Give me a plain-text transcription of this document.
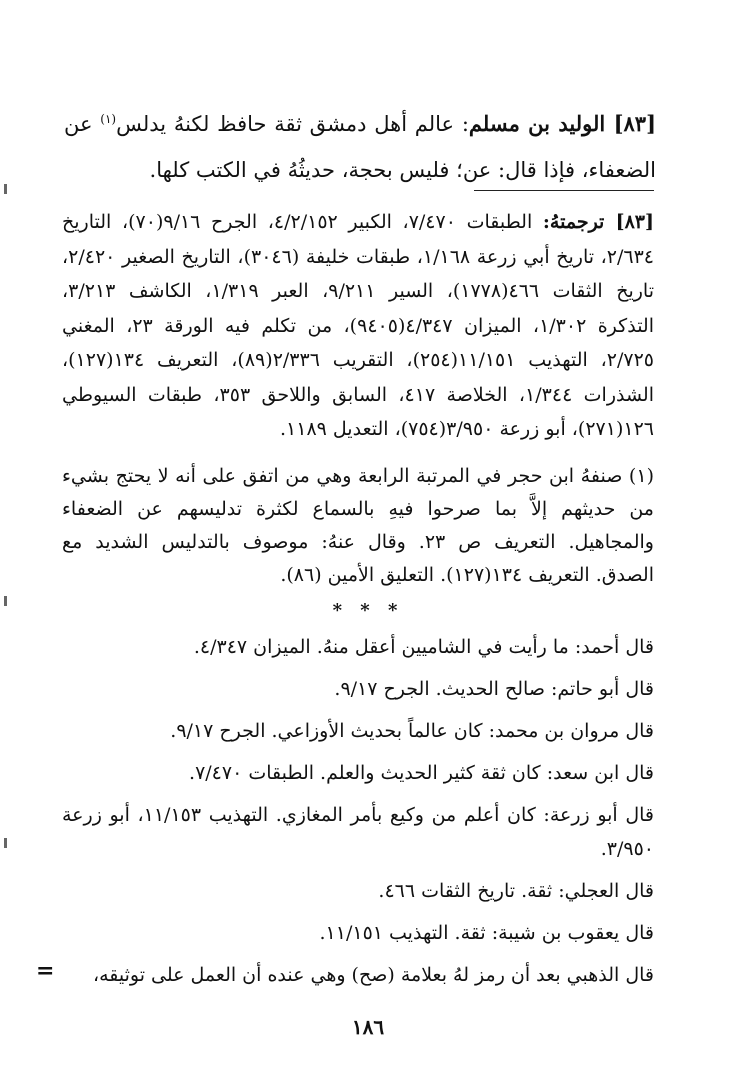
[٨٣] الوليد بن مسلم: عالم أهل دمشق ثقة حافظ لكنهُ يدلس$^{(١)}$ عن الضعفاء، فإذا قال: عن؛ فليس بحجة، حديثُهُ في الكتب كلها.
[٨٣] ترجمتهُ: الطبقات ٧/٤٧٠، الكبير ٤/٢/١٥٢، الجرح ٩/١٦(٧٠)، التاريخ ٢/٦٣٤، تاريخ أبي زرعة ١/١٦٨، طبقات خليفة (٣٠٤٦)، التاريخ الصغير ٢/٤٢٠، تاريخ الثقات ٤٦٦(١٧٧٨)، السير ٩/٢١١، العبر ١/٣١٩، الكاشف ٣/٢١٣، التذكرة ١/٣٠٢، الميزان ٤/٣٤٧(٩٤٠٥)، من تكلم فيه الورقة ٢٣، المغني ٢/٧٢٥، التهذيب ١١/١٥١(٢٥٤)، التقريب ٢/٣٣٦(٨٩)، التعريف ١٣٤(١٢٧)، الشذرات ١/٣٤٤، الخلاصة ٤١٧، السابق واللاحق ٣٥٣، طبقات السيوطي ١٢٦(٢٧١)، أبو زرعة ٣/٩٥٠(٧٥٤)، التعديل ١١٨٩.
(١) صنفهُ ابن حجر في المرتبة الرابعة وهي من اتفق على أنه لا يحتج بشيء من حديثهم إلاَّ بما صرحوا فيهِ بالسماع لكثرة تدليسهم عن الضعفاء والمجاهيل. التعريف ص ٢٣. وقال عنهُ: موصوف بالتدليس الشديد مع الصدق. التعريف ١٣٤(١٢٧). التعليق الأمين (٨٦).
* * *
قال أحمد: ما رأيت في الشاميين أعقل منهُ. الميزان ٤/٣٤٧.
قال أبو حاتم: صالح الحديث. الجرح ٩/١٧.
قال مروان بن محمد: كان عالماً بحديث الأوزاعي. الجرح ٩/١٧.
قال ابن سعد: كان ثقة كثير الحديث والعلم. الطبقات ٧/٤٧٠.
قال أبو زرعة: كان أعلم من وكيع بأمر المغازي. التهذيب ١١/١٥٣، أبو زرعة ٣/٩٥٠.
قال العجلي: ثقة. تاريخ الثقات ٤٦٦.
قال يعقوب بن شيبة: ثقة. التهذيب ١١/١٥١.
قال الذهبي بعد أن رمز لهُ بعلامة (صح) وهي عنده أن العمل على توثيقه،
=
١٨٦
